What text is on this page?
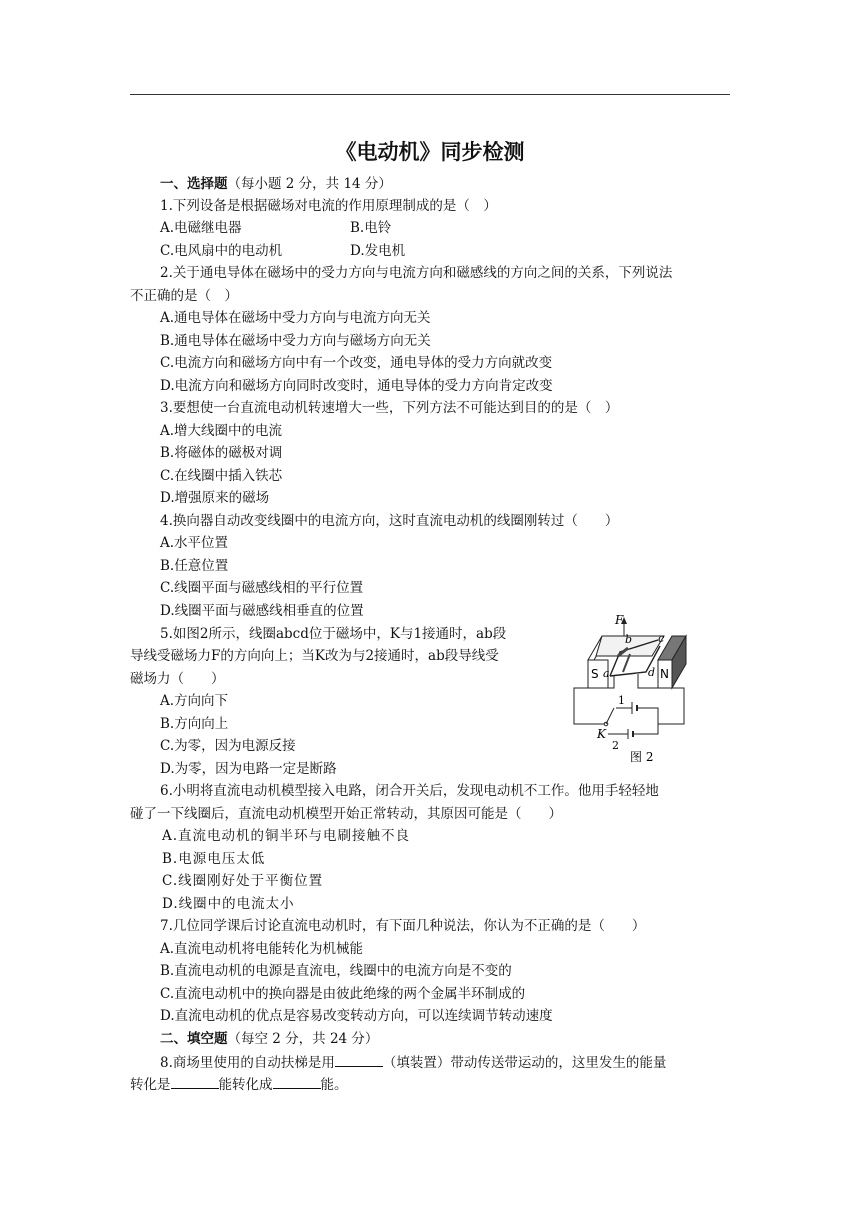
《电动机》同步检测
一、选择题（每小题 2 分，共 14 分）
1.下列设备是根据磁场对电流的作用原理制成的是（　）
A.电磁继电器	B.电铃
C.电风扇中的电动机	D.发电机
2.关于通电导体在磁场中的受力方向与电流方向和磁感线的方向之间的关系，下列说法
不正确的是（　）
A.通电导体在磁场中受力方向与电流方向无关
B.通电导体在磁场中受力方向与磁场方向无关
C.电流方向和磁场方向中有一个改变，通电导体的受力方向就改变
D.电流方向和磁场方向同时改变时，通电导体的受力方向肯定改变
3.要想使一台直流电动机转速增大一些，下列方法不可能达到目的的是（　）
A.增大线圈中的电流
B.将磁体的磁极对调
C.在线圈中插入铁芯
D.增强原来的磁场
4.换向器自动改变线圈中的电流方向，这时直流电动机的线圈刚转过（　　）
A.水平位置
B.任意位置
C.线圈平面与磁感线相的平行位置
D.线圈平面与磁感线相垂直的位置
5.如图2所示，线圈abcd位于磁场中，K与1接通时，ab段
导线受磁场力F的方向向上；当K改为与2接通时，ab段导线受
磁场力（　　）
A.方向向下
B.方向向上
C.为零，因为电源反接
D.为零，因为电路一定是断路
S	N
F
b c
a	d
K
1
2
图 2
6.小明将直流电动机模型接入电路，闭合开关后，发现电动机不工作。他用手轻轻地
碰了一下线圈后，直流电动机模型开始正常转动，其原因可能是（　　）
A.直流电动机的铜半环与电刷接触不良
B.电源电压太低
C.线圈刚好处于平衡位置
D.线圈中的电流太小
7.几位同学课后讨论直流电动机时，有下面几种说法，你认为不正确的是（　　）
A.直流电动机将电能转化为机械能
B.直流电动机的电源是直流电，线圈中的电流方向是不变的
C.直流电动机中的换向器是由彼此绝缘的两个金属半环制成的
D.直流电动机的优点是容易改变转动方向，可以连续调节转动速度
二、填空题（每空 2 分，共 24 分）
8.商场里使用的自动扶梯是用	（填装置）带动传送带运动的，这里发生的能量
转化是	能转化成	能。
